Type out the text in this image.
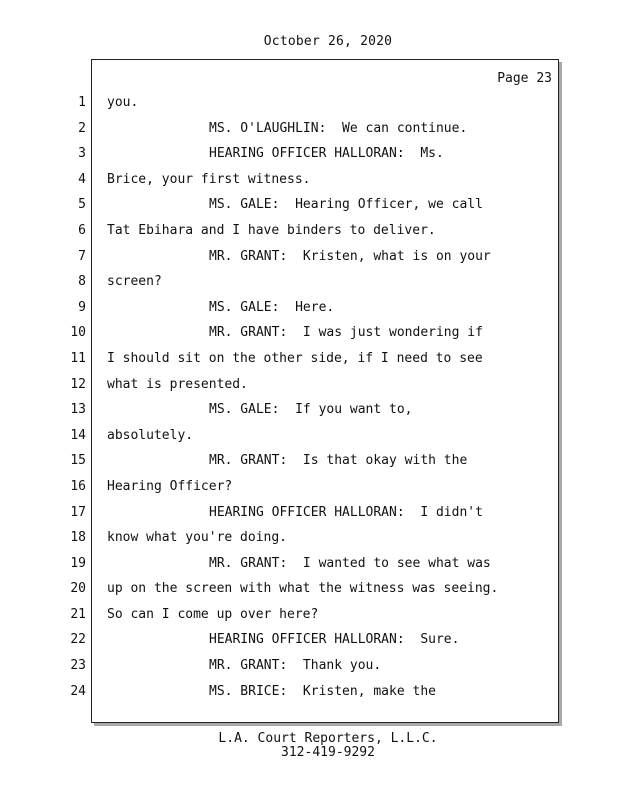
October 26, 2020
Page 23
1 you.
2	MS. O'LAUGHLIN:  We can continue.
3	HEARING OFFICER HALLORAN:  Ms.
4 Brice, your first witness.
5	MS. GALE:  Hearing Officer, we call
6 Tat Ebihara and I have binders to deliver.
7	MR. GRANT:  Kristen, what is on your
8 screen?
9	MS. GALE:  Here.
10	MR. GRANT:  I was just wondering if
11 I should sit on the other side, if I need to see
12 what is presented.
13	MS. GALE:  If you want to,
14 absolutely.
15	MR. GRANT:  Is that okay with the
16 Hearing Officer?
17	HEARING OFFICER HALLORAN:  I didn't
18 know what you're doing.
19	MR. GRANT:  I wanted to see what was
20 up on the screen with what the witness was seeing.
21 So can I come up over here?
22	HEARING OFFICER HALLORAN:  Sure.
23	MR. GRANT:  Thank you.
24	MS. BRICE:  Kristen, make the
L.A. Court Reporters, L.L.C.
312-419-9292
